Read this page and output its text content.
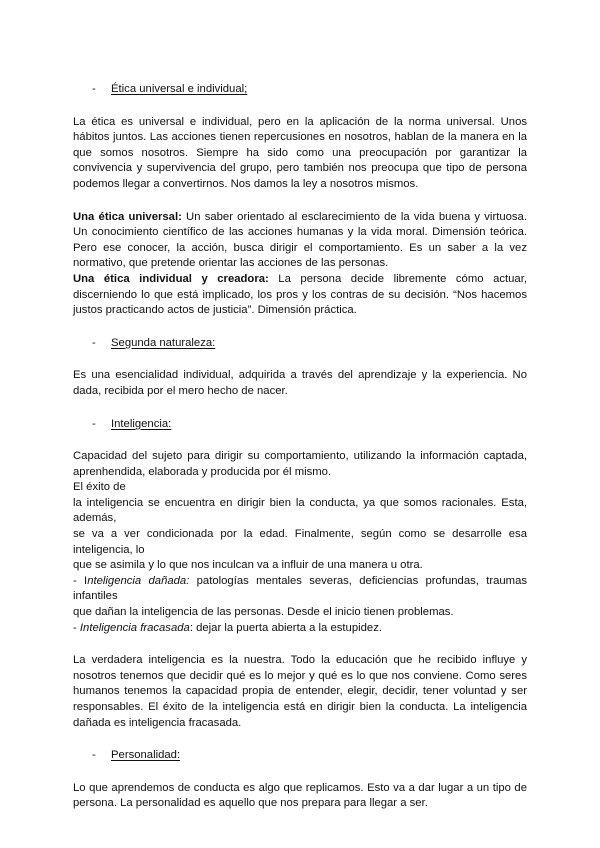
- Ética universal e individual;

La ética es universal e individual, pero en la aplicación de la norma universal. Unos hábitos juntos. Las acciones tienen repercusiones en nosotros, hablan de la manera en la que somos nosotros. Siempre ha sido como una preocupación por garantizar la convivencia y supervivencia del grupo, pero también nos preocupa que tipo de persona podemos llegar a convertirnos. Nos damos la ley a nosotros mismos.

Una ética universal: Un saber orientado al esclarecimiento de la vida buena y virtuosa. Un conocimiento científico de las acciones humanas y la vida moral. Dimensión teórica. Pero ese conocer, la acción, busca dirigir el comportamiento. Es un saber a la vez normativo, que pretende orientar las acciones de las personas.

Una ética individual y creadora: La persona decide libremente cómo actuar, discerniendo lo que está implicado, los pros y los contras de su decisión. “Nos hacemos justos practicando actos de justicia”. Dimensión práctica.

- Segunda naturaleza:

Es una esencialidad individual, adquirida a través del aprendizaje y la experiencia. No dada, recibida por el mero hecho de nacer.

- Inteligencia:

Capacidad del sujeto para dirigir su comportamiento, utilizando la información captada, aprenhendida, elaborada y producida por él mismo.

El éxito de

la inteligencia se encuentra en dirigir bien la conducta, ya que somos racionales. Esta, además,

se va a ver condicionada por la edad. Finalmente, según como se desarrolle esa inteligencia, lo

que se asimila y lo que nos inculcan va a influir de una manera u otra.

- Inteligencia dañada: patologías mentales severas, deficiencias profundas, traumas infantiles

que dañan la inteligencia de las personas. Desde el inicio tienen problemas.

- Inteligencia fracasada: dejar la puerta abierta a la estupidez.

La verdadera inteligencia es la nuestra. Todo la educación que he recibido influye y nosotros tenemos que decidir qué es lo mejor y qué es lo que nos conviene. Como seres humanos tenemos la capacidad propia de entender, elegir, decidir, tener voluntad y ser responsables. El éxito de la inteligencia está en dirigir bien la conducta. La inteligencia dañada es inteligencia fracasada.

- Personalidad:

Lo que aprendemos de conducta es algo que replicamos. Esto va a dar lugar a un tipo de persona. La personalidad es aquello que nos prepara para llegar a ser.
